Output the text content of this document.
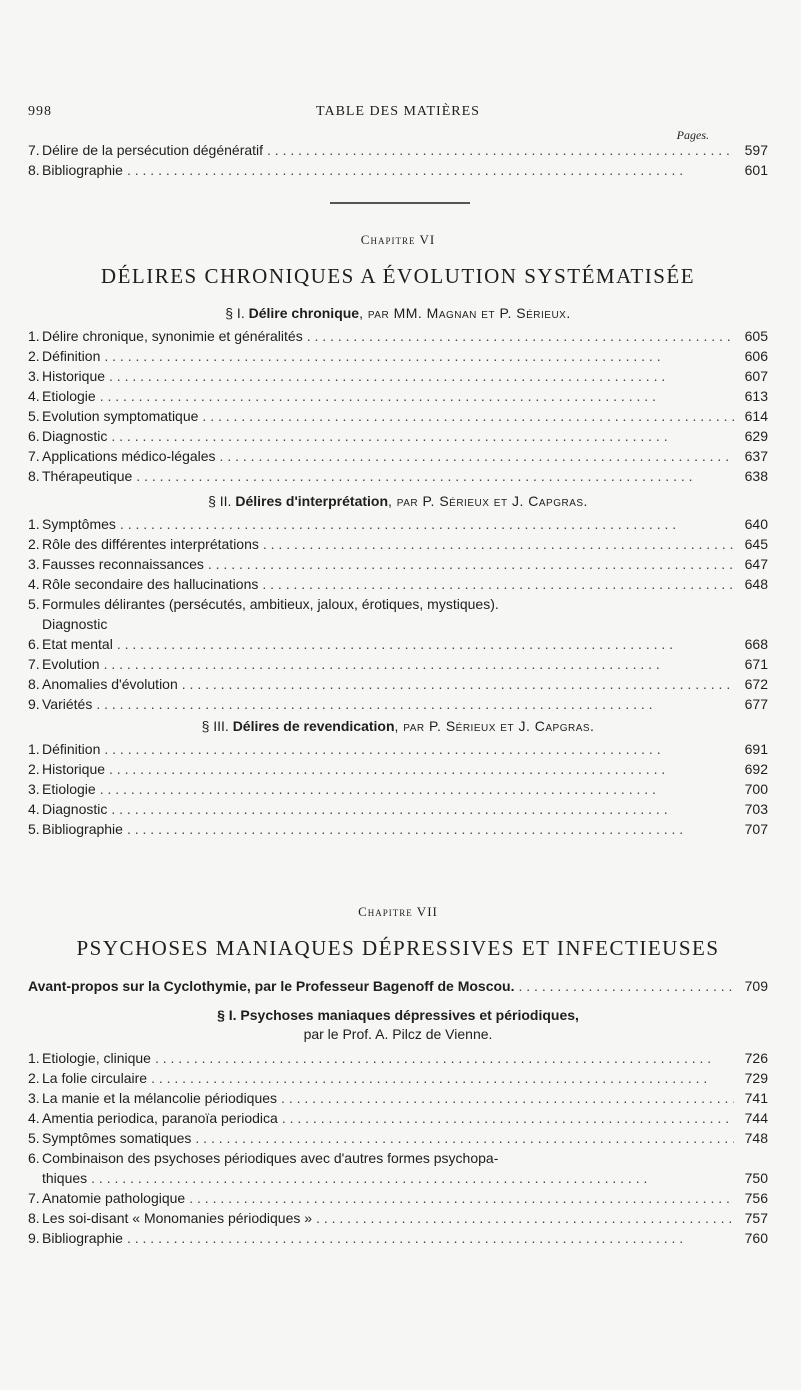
998	TABLE DES MATIÈRES
Pages.
7. Délire de la persécution dégénératif . . .	597
8. Bibliographie . . .	601
Chapitre VI
DÉLIRES CHRONIQUES A ÉVOLUTION SYSTÉMATISÉE
§ I. Délire chronique, par MM. Magnan et P. Sérieux.
1. Délire chronique, synonimie et généralités . . .	605
2. Définition . . .	606
3. Historique . . .	607
4. Etiologie . . .	613
5. Evolution symptomatique . . .	614
6. Diagnostic . . .	629
7. Applications médico-légales . . .	637
8. Thérapeutique . . .	638
§ II. Délires d'interprétation, par P. Sérieux et J. Capgras.
1. Symptômes . . .	640
2. Rôle des différentes interprétations . . .	645
3. Fausses reconnaissances . . .	647
4. Rôle secondaire des hallucinations . . .	648
5. Formules délirantes (persécutés, ambitieux, jaloux, érotiques, mystiques).
Diagnostic
6. Etat mental . . .	668
7. Evolution . . .	671
8. Anomalies d'évolution . . .	672
9. Variétés . . .	677
§ III. Délires de revendication, par P. Sérieux et J. Capgras.
1. Définition . . .	691
2. Historique . . .	692
3. Etiologie . . .	700
4. Diagnostic . . .	703
5. Bibliographie . . .	707
Chapitre VII
PSYCHOSES MANIAQUES DÉPRESSIVES ET INFECTIEUSES
Avant-propos sur la Cyclothymie, par le Professeur Bagenoff de Moscou. . . .	709
§ I. Psychoses maniaques dépressives et périodiques,
par le Prof. A. Pilcz de Vienne.
1. Etiologie, clinique . . .	726
2. La folie circulaire . . .	729
3. La manie et la mélancolie périodiques . . .	741
4. Amentia periodica, paranoïa periodica . . .	744
5. Symptômes somatiques . . .	748
6. Combinaison des psychoses périodiques avec d'autres formes psychopa-
thiques . . .	750
7. Anatomie pathologique . . .	756
8. Les soi-disant « Monomanies périodiques » . . .	757
9. Bibliographie . . .	760
